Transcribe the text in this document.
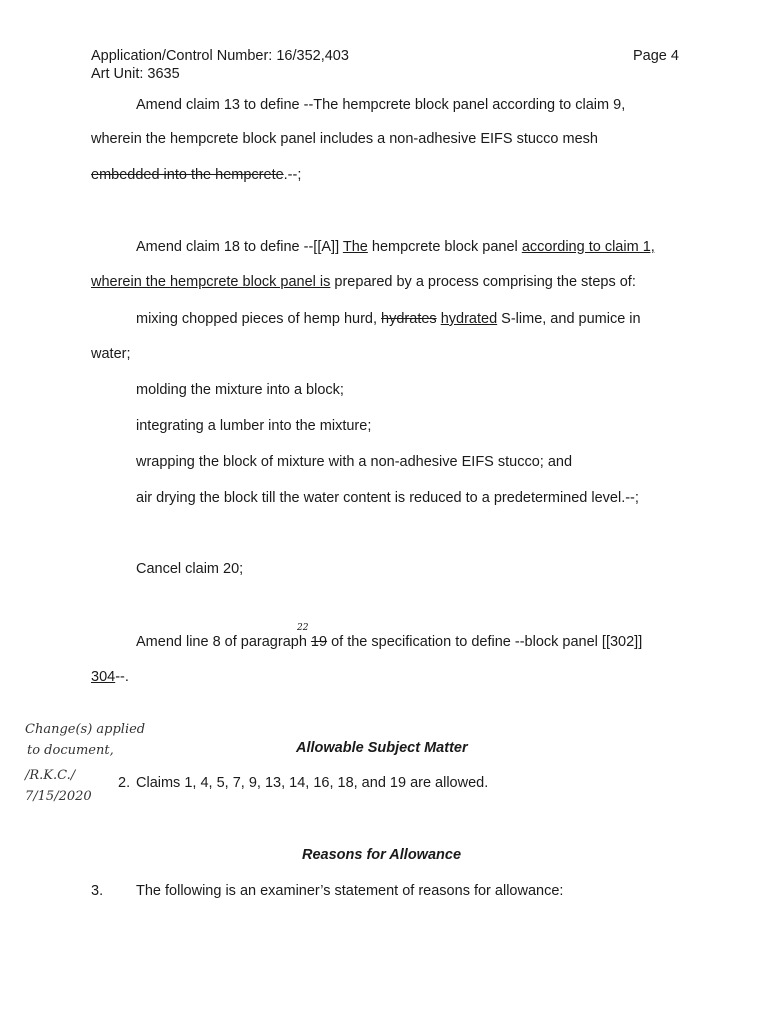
Application/Control Number: 16/352,403	Page 4
Art Unit: 3635
Amend claim 13 to define --The hempcrete block panel according to claim 9,
wherein the hempcrete block panel includes a non-adhesive EIFS stucco mesh
embedded into the hempcrete.--;
Amend claim 18 to define --[[A]] The hempcrete block panel according to claim 1,
wherein the hempcrete block panel is prepared by a process comprising the steps of:
mixing chopped pieces of hemp hurd, hydrates hydrated S-lime, and pumice in
water;
molding the mixture into a block;
integrating a lumber into the mixture;
wrapping the block of mixture with a non-adhesive EIFS stucco; and
air drying the block till the water content is reduced to a predetermined level.--;
Cancel claim 20;
22
Amend line 8 of paragraph 19 of the specification to define --block panel [[302]]
304--.
Change(s) applied
to document,
/R.K.C./
7/15/2020
Allowable Subject Matter
2. Claims 1, 4, 5, 7, 9, 13, 14, 16, 18, and 19 are allowed.
Reasons for Allowance
3. The following is an examiner’s statement of reasons for allowance:
